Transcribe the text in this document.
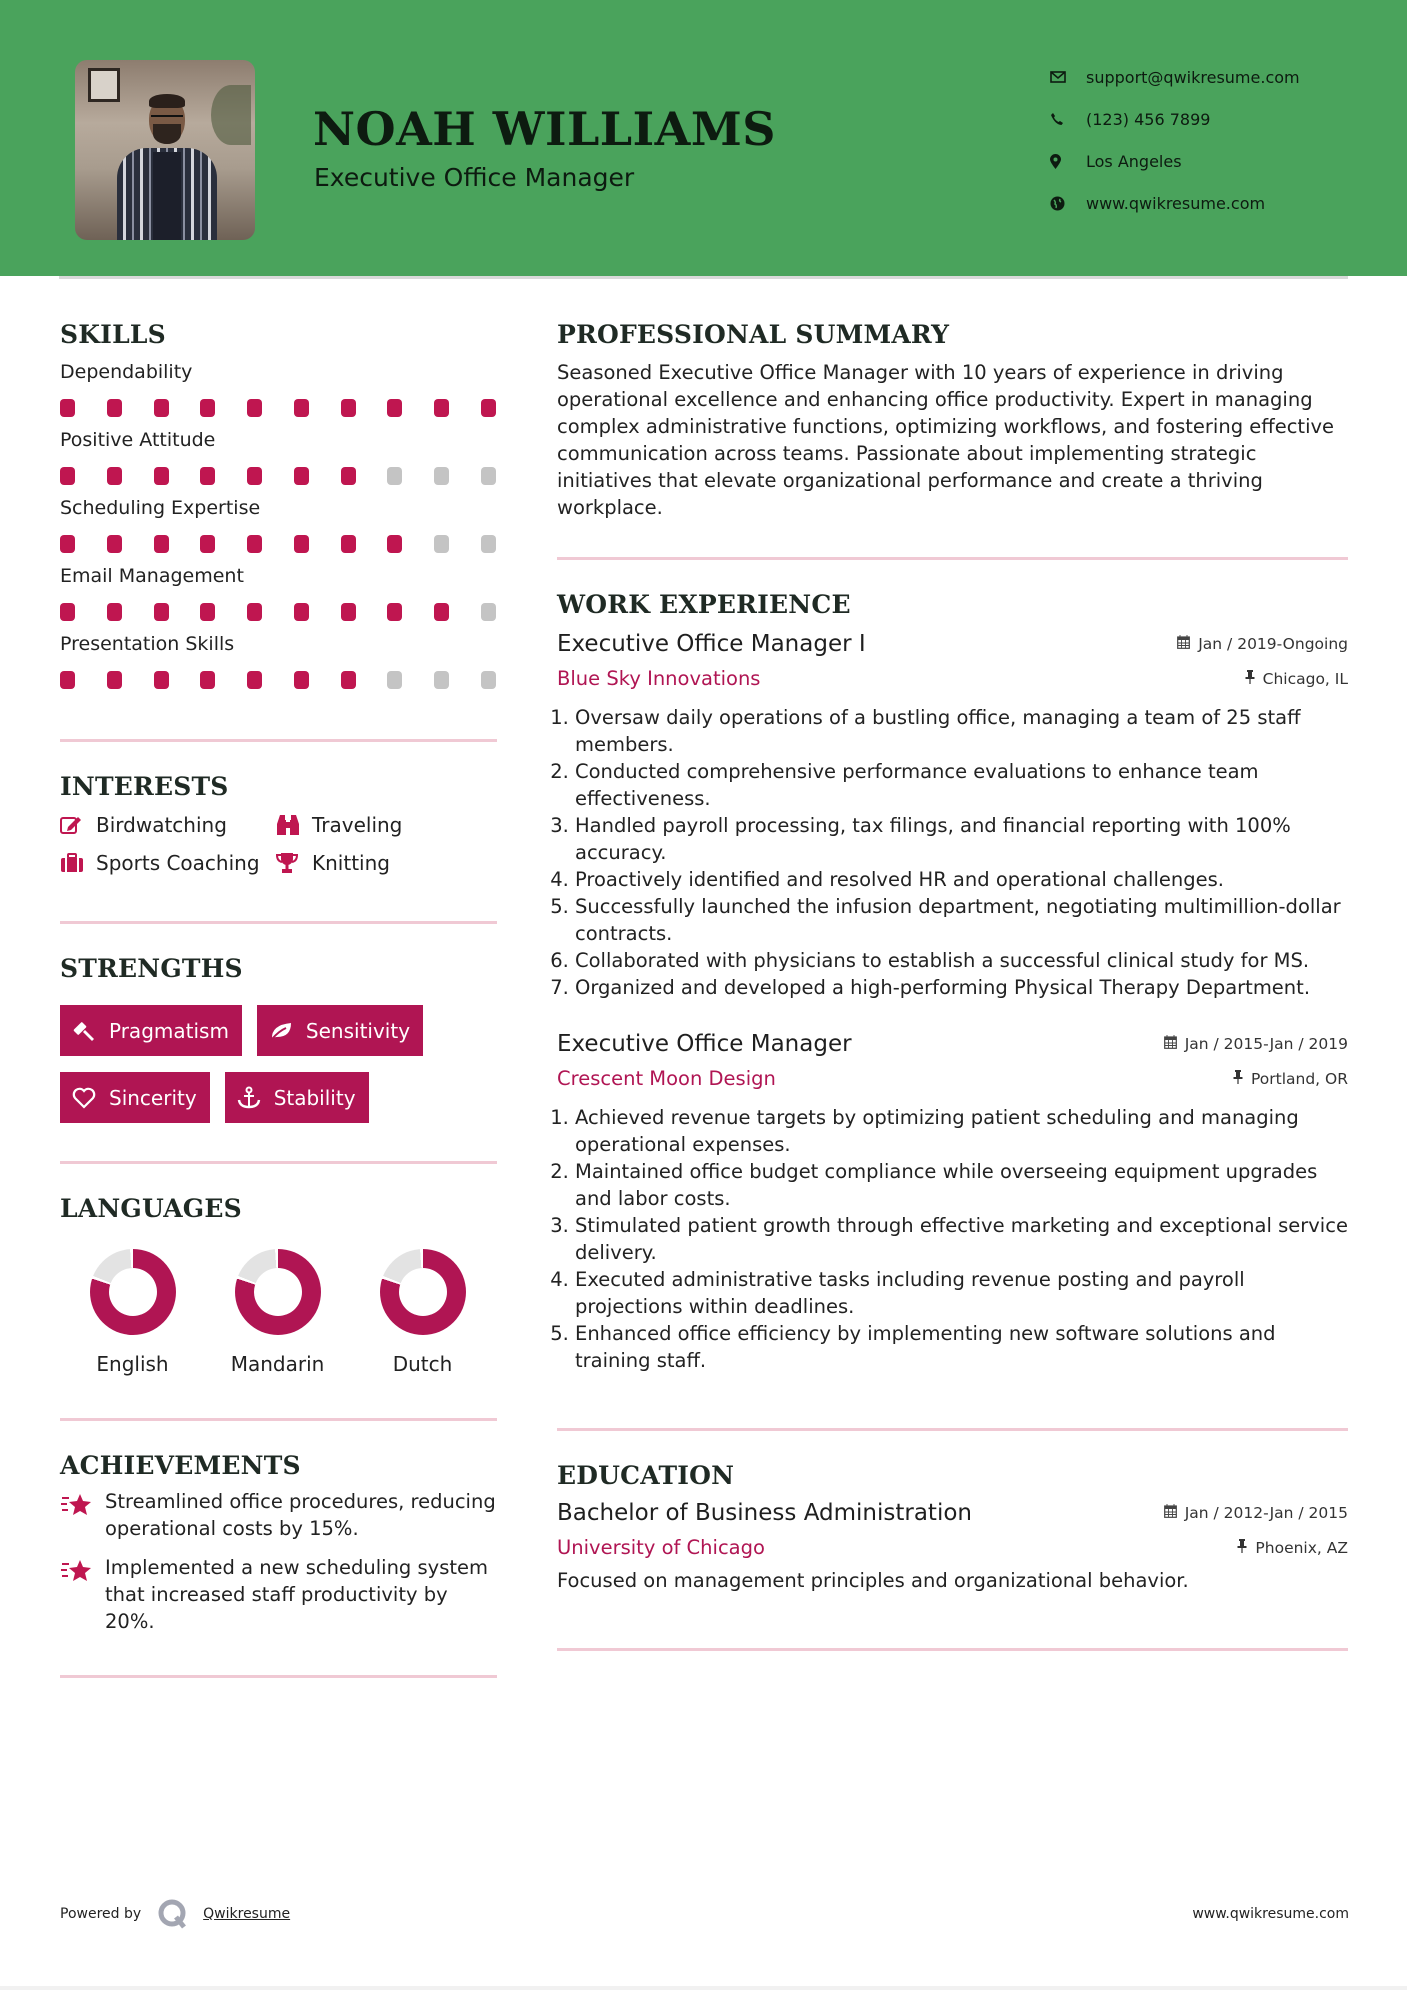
NOAH WILLIAMS
Executive Office Manager
support@qwikresume.com
(123) 456 7899
Los Angeles
www.qwikresume.com
SKILLS
Dependability
Positive Attitude
Scheduling Expertise
Email Management
Presentation Skills
INTERESTS
Birdwatching	Traveling
Sports Coaching	Knitting
STRENGTHS
Pragmatism	Sensitivity
Sincerity	Stability
LANGUAGES
English	Mandarin	Dutch
ACHIEVEMENTS
Streamlined office procedures, reducing operational costs by 15%.
Implemented a new scheduling system that increased staff productivity by 20%.
PROFESSIONAL SUMMARY

Seasoned Executive Office Manager with 10 years of experience in driving operational excellence and enhancing office productivity. Expert in managing complex administrative functions, optimizing workflows, and fostering effective communication across teams. Passionate about implementing strategic initiatives that elevate organizational performance and create a thriving workplace.

WORK EXPERIENCE
Executive Office Manager I	Jan / 2019-Ongoing
Blue Sky Innovations	Chicago, IL
1. Oversaw daily operations of a bustling office, managing a team of 25 staff members.
2. Conducted comprehensive performance evaluations to enhance team effectiveness.
3. Handled payroll processing, tax filings, and financial reporting with 100% accuracy.
4. Proactively identified and resolved HR and operational challenges.
5. Successfully launched the infusion department, negotiating multimillion-dollar contracts.
6. Collaborated with physicians to establish a successful clinical study for MS.
7. Organized and developed a high-performing Physical Therapy Department.
Executive Office Manager	Jan / 2015-Jan / 2019
Crescent Moon Design	Portland, OR
1. Achieved revenue targets by optimizing patient scheduling and managing operational expenses.
2. Maintained office budget compliance while overseeing equipment upgrades and labor costs.
3. Stimulated patient growth through effective marketing and exceptional service delivery.
4. Executed administrative tasks including revenue posting and payroll projections within deadlines.
5. Enhanced office efficiency by implementing new software solutions and training staff.
EDUCATION
Bachelor of Business Administration	Jan / 2012-Jan / 2015
University of Chicago	Phoenix, AZ

Focused on management principles and organizational behavior.

Powered by	Qwikresume	www.qwikresume.com
